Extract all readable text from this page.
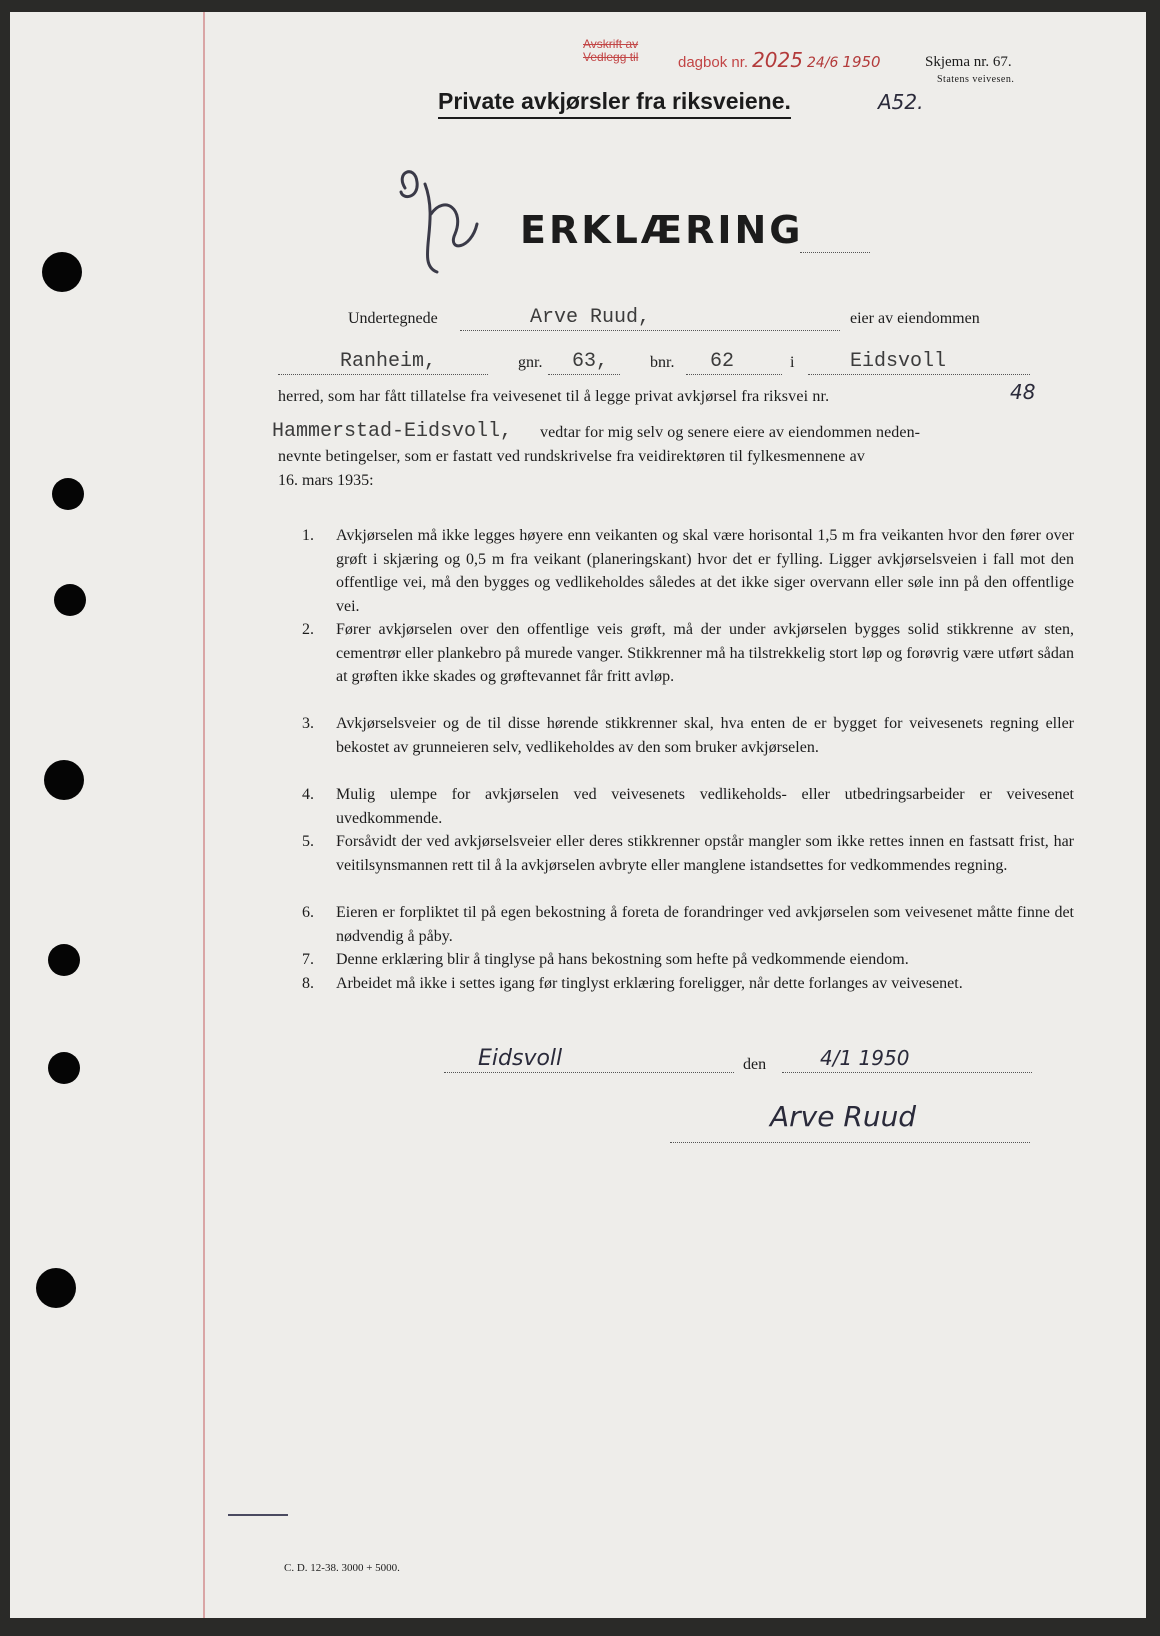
Avskrift av
Vedlegg til	dagbok nr. 2025 24/6 1950	Skjema nr. 67.
Statens veivesen.
Private avkjørsler fra riksveiene.	A52.
ERKLÆRING
Undertegnede	Arve Ruud,	eier av eiendommen
Ranheim,	gnr. 63,	bnr. 62	i	Eidsvoll
herred, som har fått tillatelse fra veivesenet til å legge privat avkjørsel fra riksvei nr.	48
Hammerstad-Eidsvoll, vedtar for mig selv og senere eiere av eiendommen neden-
nevnte betingelser, som er fastatt ved rundskrivelse fra veidirektøren til fylkesmennene av
16. mars 1935:
1.	Avkjørselen må ikke legges høyere enn veikanten og skal være horisontal 1,5 m fra veikanten hvor den fører over grøft i skjæring og 0,5 m fra veikant (planeringskant) hvor det er fylling. Ligger avkjørselsveien i fall mot den offentlige vei, må den bygges og vedlikeholdes således at det ikke siger overvann eller søle inn på den offentlige vei.
2.	Fører avkjørselen over den offentlige veis grøft, må der under avkjørselen bygges solid stikkrenne av sten, cementrør eller plankebro på murede vanger. Stikkrenner må ha tilstrekkelig stort løp og forøvrig være utført sådan at grøften ikke skades og grøftevannet får fritt avløp.
3.	Avkjørselsveier og de til disse hørende stikkrenner skal, hva enten de er bygget for veivesenets regning eller bekostet av grunneieren selv, vedlikeholdes av den som bruker avkjørselen.
4.	Mulig ulempe for avkjørselen ved veivesenets vedlikeholds- eller utbedringsarbeider er veivesenet uvedkommende.
5.	Forsåvidt der ved avkjørselsveier eller deres stikkrenner opstår mangler som ikke rettes innen en fastsatt frist, har veitilsynsmannen rett til å la avkjørselen avbryte eller manglene istandsettes for vedkommendes regning.
6.	Eieren er forpliktet til på egen bekostning å foreta de forandringer ved avkjørselen som veivesenet måtte finne det nødvendig å påby.
7.	Denne erklæring blir å tinglyse på hans bekostning som hefte på vedkommende eiendom.
8.	Arbeidet må ikke i settes igang før tinglyst erklæring foreligger, når dette forlanges av veivesenet.
Eidsvoll	den	4/1 1950
Arve Ruud
C. D. 12-38. 3000 + 5000.
